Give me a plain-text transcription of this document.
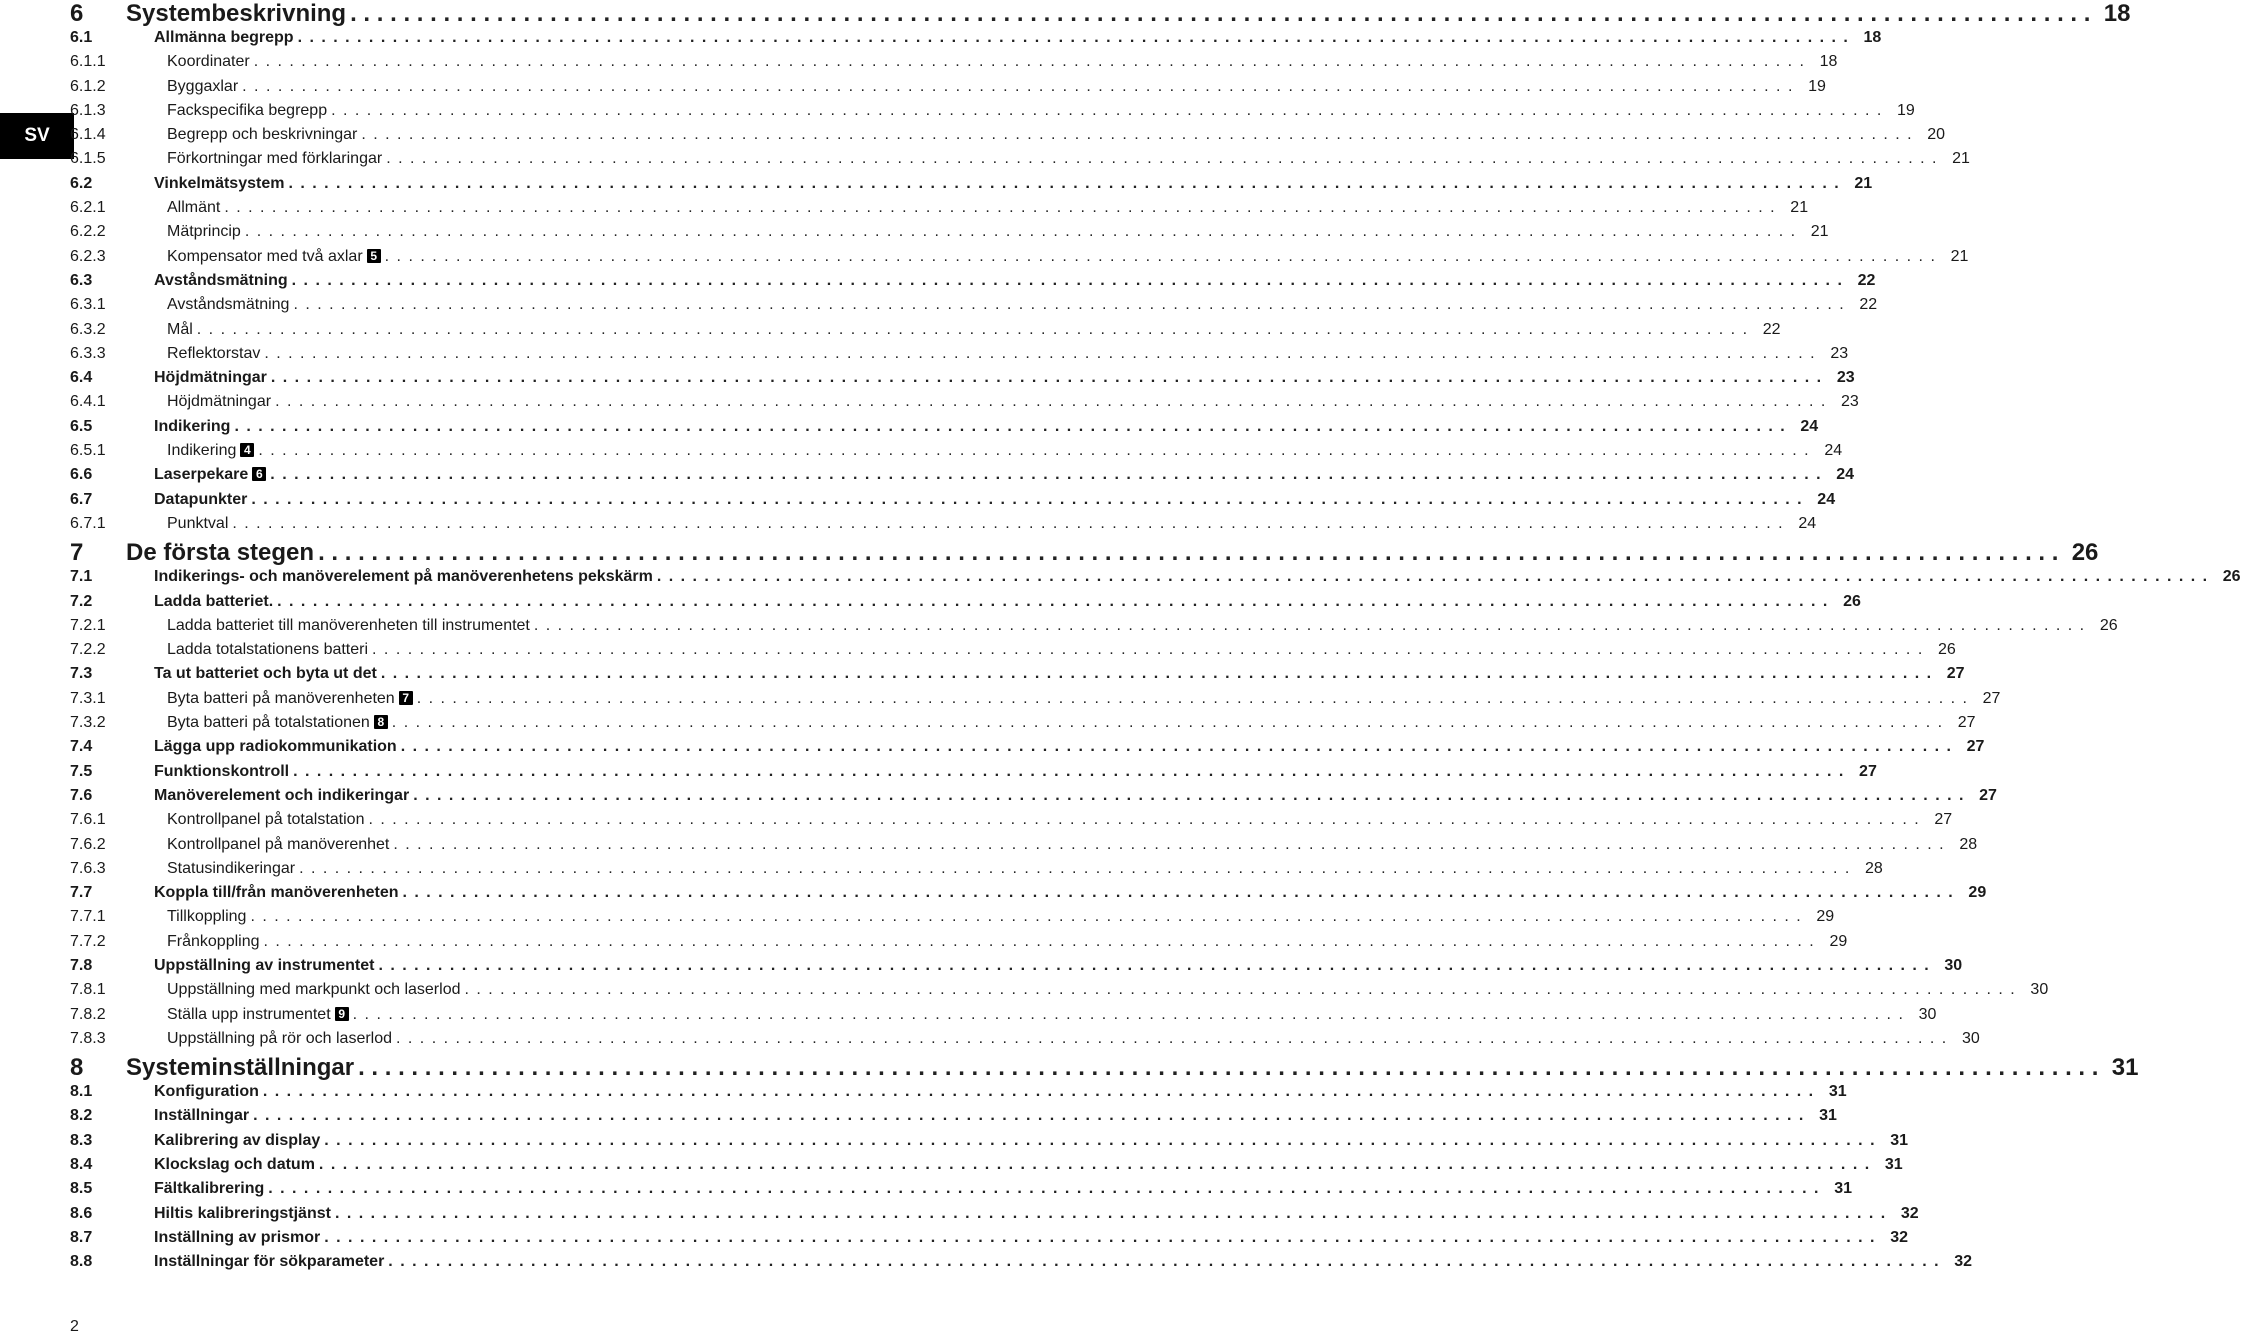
SV
6	Systembeskrivning . . .	18
6.1	Allmänna begrepp . . .	18
6.1.1	Koordinater . . .	18
6.1.2	Byggaxlar . . .	19
6.1.3	Fackspecifika begrepp . . .	19
6.1.4	Begrepp och beskrivningar . . .	20
6.1.5	Förkortningar med förklaringar . . .	21
6.2	Vinkelmätsystem . . .	21
6.2.1	Allmänt . . .	21
6.2.2	Mätprincip . . .	21
6.2.3	Kompensator med två axlar 5 . . .	21
6.3	Avståndsmätning . . .	22
6.3.1	Avståndsmätning . . .	22
6.3.2	Mål . . .	22
6.3.3	Reflektorstav . . .	23
6.4	Höjdmätningar . . .	23
6.4.1	Höjdmätningar . . .	23
6.5	Indikering . . .	24
6.5.1	Indikering 4 . . .	24
6.6	Laserpekare 6 . . .	24
6.7	Datapunkter . . .	24
6.7.1	Punktval . . .	24
7	De första stegen . . .	26
7.1	Indikerings- och manöverelement på manöverenhetens pekskärm . . .	26
7.2	Ladda batteriet. . . .	26
7.2.1	Ladda batteriet till manöverenheten till instrumentet . . .	26
7.2.2	Ladda totalstationens batteri . . .	26
7.3	Ta ut batteriet och byta ut det . . .	27
7.3.1	Byta batteri på manöverenheten 7 . . .	27
7.3.2	Byta batteri på totalstationen 8 . . .	27
7.4	Lägga upp radiokommunikation . . .	27
7.5	Funktionskontroll . . .	27
7.6	Manöverelement och indikeringar . . .	27
7.6.1	Kontrollpanel på totalstation . . .	27
7.6.2	Kontrollpanel på manöverenhet . . .	28
7.6.3	Statusindikeringar . . .	28
7.7	Koppla till/från manöverenheten . . .	29
7.7.1	Tillkoppling . . .	29
7.7.2	Frånkoppling . . .	29
7.8	Uppställning av instrumentet . . .	30
7.8.1	Uppställning med markpunkt och laserlod . . .	30
7.8.2	Ställa upp instrumentet 9 . . .	30
7.8.3	Uppställning på rör och laserlod . . .	30
8	Systeminställningar . . .	31
8.1	Konfiguration . . .	31
8.2	Inställningar . . .	31
8.3	Kalibrering av display . . .	31
8.4	Klockslag och datum . . .	31
8.5	Fältkalibrering . . .	31
8.6	Hiltis kalibreringstjänst . . .	32
8.7	Inställning av prismor . . .	32
8.8	Inställningar för sökparameter . . .	32
2
